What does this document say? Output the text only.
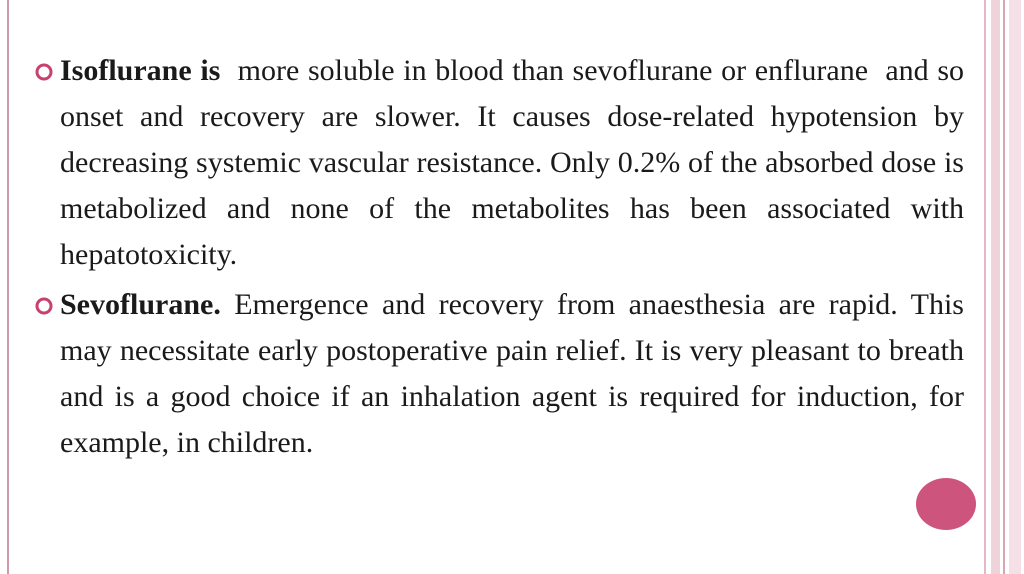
Isoflurane is  more soluble in blood than sevoflurane or enflurane  and so onset and recovery are slower. It causes dose-related hypotension by decreasing systemic vascular resistance. Only 0.2% of the absorbed dose is metabolized and none of the metabolites has been associated with hepatotoxicity.

Sevoflurane. Emergence and recovery from anaesthesia are rapid. This may necessitate early postoperative pain relief. It is very pleasant to breath and is a good choice if an inhalation agent is required for induction, for example, in children.
